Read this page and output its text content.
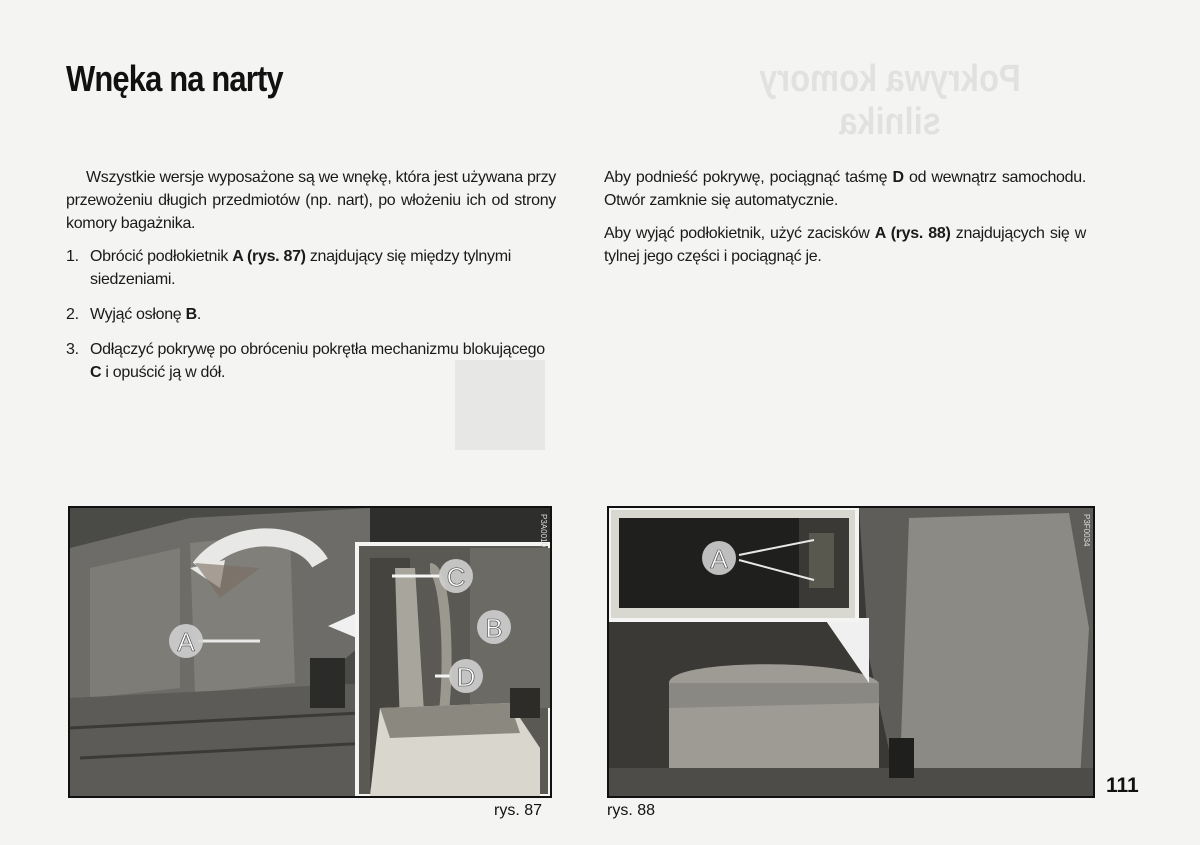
Pokrywa komory silnika
Wnęka na narty

Wszystkie wersje wyposażone są we wnękę, która jest używana przy przewożeniu długich przedmiotów (np. nart), po włożeniu ich od strony komory bagażnika.

1. Obrócić podłokietnik A (rys. 87) znajdujący się między tylnymi siedzeniami.
2. Wyjąć osłonę B.
3. Odłączyć pokrywę po obróceniu pokrętła mechanizmu blokującego C i opuścić ją w dół.

Aby podnieść pokrywę, pociągnąć taśmę D od wewnątrz samochodu. Otwór zamknie się automatycznie.

Aby wyjąć podłokietnik, użyć zacisków A (rys. 88) znajdujących się w tylnej jego części i pociągnąć je.

A
C
B
D
P3A0010
rys. 87
A
P3F0034
rys. 88
111
